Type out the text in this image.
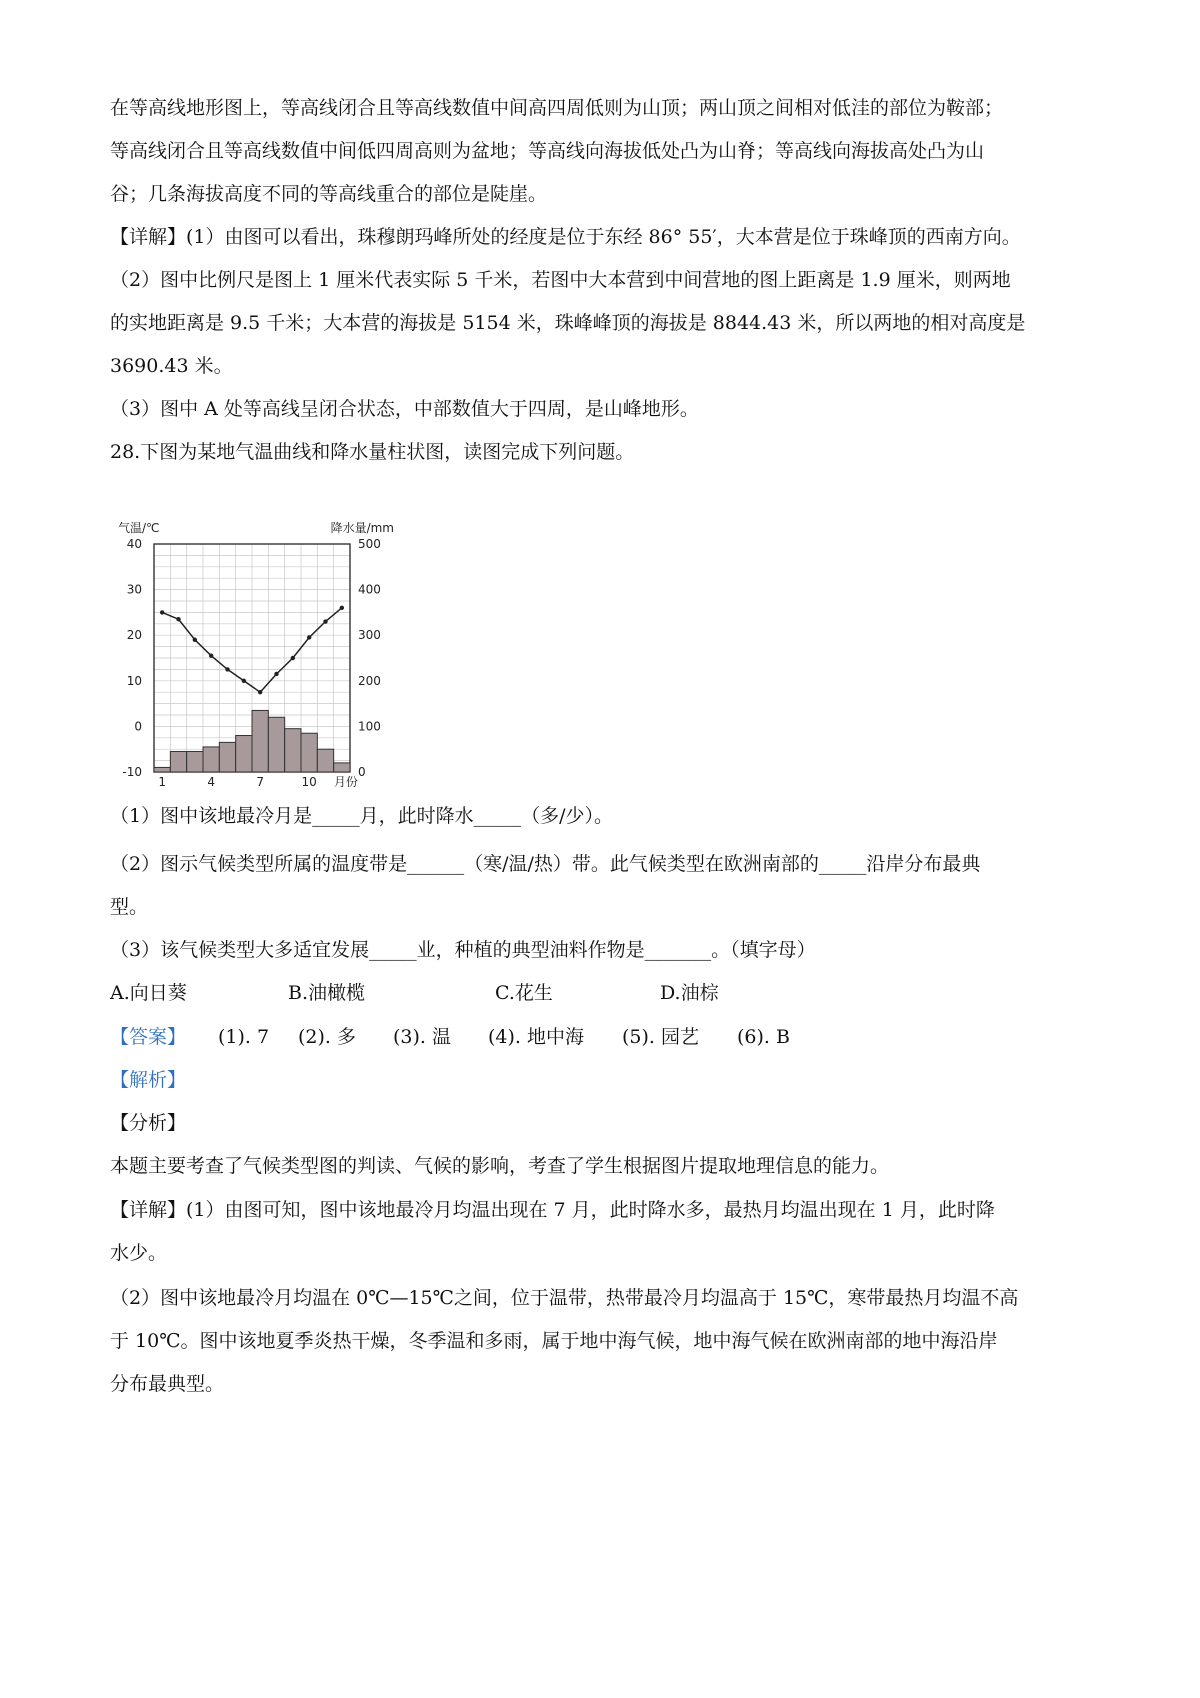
在等高线地形图上，等高线闭合且等高线数值中间高四周低则为山顶；两山顶之间相对低洼的部位为鞍部；
等高线闭合且等高线数值中间低四周高则为盆地；等高线向海拔低处凸为山脊；等高线向海拔高处凸为山
谷；几条海拔高度不同的等高线重合的部位是陡崖。
【详解】(1）由图可以看出，珠穆朗玛峰所处的经度是位于东经 86° 55′，大本营是位于珠峰顶的西南方向。
（2）图中比例尺是图上 1 厘米代表实际 5 千米，若图中大本营到中间营地的图上距离是 1.9 厘米，则两地
的实地距离是 9.5 千米；大本营的海拔是 5154 米，珠峰峰顶的海拔是 8844.43 米，所以两地的相对高度是
3690.43 米。
（3）图中 A 处等高线呈闭合状态，中部数值大于四周，是山峰地形。
28.下图为某地气温曲线和降水量柱状图，读图完成下列问题。
气温/℃	降水量/mm
40
30
20
10
0
-10
500
400
300
200
100
0
1	4	7	10 月份
（1）图中该地最冷月是_____月，此时降水_____（多/少）。
（2）图示气候类型所属的温度带是______（寒/温/热）带。此气候类型在欧洲南部的_____沿岸分布最典
型。
（3）该气候类型大多适宜发展_____业，种植的典型油料作物是_______。（填字母）
A.向日葵	B.油橄榄	C.花生	D.油棕
【答案】 (1). 7 (2). 多 (3). 温 (4). 地中海 (5). 园艺 (6). B
【解析】
【分析】
本题主要考查了气候类型图的判读、气候的影响，考查了学生根据图片提取地理信息的能力。
【详解】(1）由图可知，图中该地最冷月均温出现在 7 月，此时降水多，最热月均温出现在 1 月，此时降
水少。
（2）图中该地最冷月均温在 0℃—15℃之间，位于温带，热带最冷月均温高于 15℃，寒带最热月均温不高
于 10℃。图中该地夏季炎热干燥，冬季温和多雨，属于地中海气候，地中海气候在欧洲南部的地中海沿岸
分布最典型。
